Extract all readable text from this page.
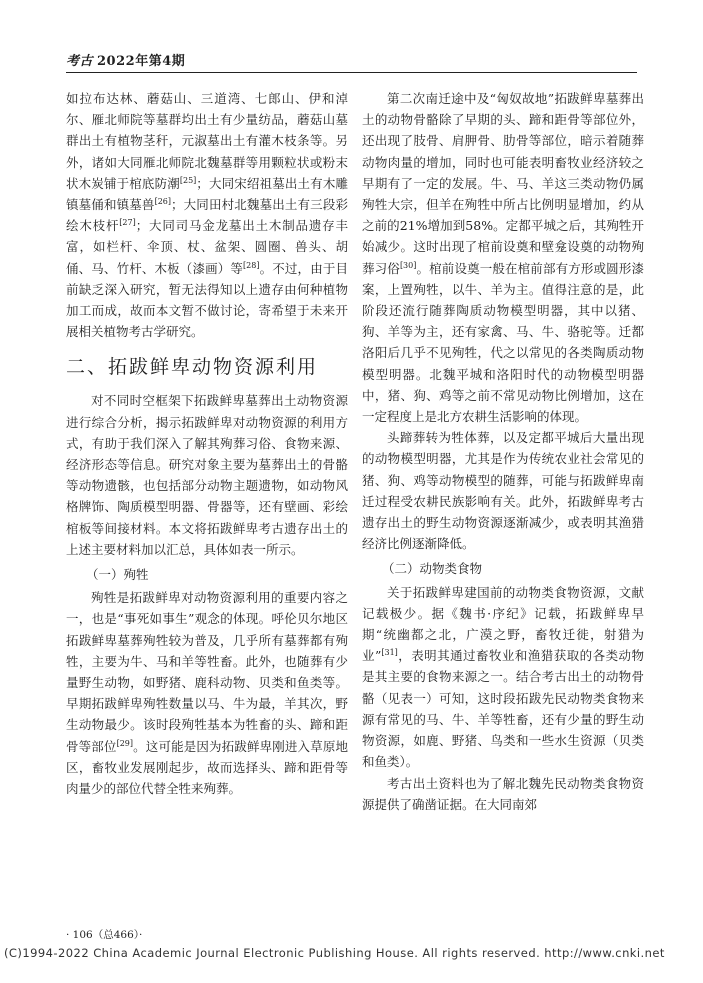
考古 2022年第4期

如拉布达林、蘑菇山、三道湾、七郎山、伊和淖尔、雁北师院等墓群均出土有少量纺品，蘑菇山墓群出土有植物茎秆，元淑墓出土有灌木枝条等。另外，诸如大同雁北师院北魏墓群等用颗粒状或粉末状木炭铺于棺底防潮[25]；大同宋绍祖墓出土有木雕镇墓俑和镇墓兽[26]；大同田村北魏墓出土有三段彩绘木枝杆[27]；大同司马金龙墓出土木制品遗存丰富，如栏杆、伞顶、杖、盆架、圆圈、兽头、胡俑、马、竹杆、木板（漆画）等[28]。不过，由于目前缺乏深入研究，暂无法得知以上遗存由何种植物加工而成，故而本文暂不做讨论，寄希望于未来开展相关植物考古学研究。

二、拓跋鲜卑动物资源利用

对不同时空框架下拓跋鲜卑墓葬出土动物资源进行综合分析，揭示拓跋鲜卑对动物资源的利用方式，有助于我们深入了解其殉葬习俗、食物来源、经济形态等信息。研究对象主要为墓葬出土的骨骼等动物遗骸，也包括部分动物主题遗物，如动物风格牌饰、陶质模型明器、骨器等，还有壁画、彩绘棺板等间接材料。本文将拓跋鲜卑考古遗存出土的上述主要材料加以汇总，具体如表一所示。

（一）殉牲

殉牲是拓跋鲜卑对动物资源利用的重要内容之一，也是“事死如事生”观念的体现。呼伦贝尔地区拓跋鲜卑墓葬殉牲较为普及，几乎所有墓葬都有殉牲，主要为牛、马和羊等牲畜。此外，也随葬有少量野生动物，如野猪、鹿科动物、贝类和鱼类等。早期拓跋鲜卑殉牲数量以马、牛为最，羊其次，野生动物最少。该时段殉牲基本为牲畜的头、蹄和距骨等部位[29]。这可能是因为拓跋鲜卑刚进入草原地区，畜牧业发展刚起步，故而选择头、蹄和距骨等肉量少的部位代替全牲来殉葬。

第二次南迁途中及“匈奴故地”拓跋鲜卑墓葬出土的动物骨骼除了早期的头、蹄和距骨等部位外，还出现了肢骨、肩胛骨、肋骨等部位，暗示着随葬动物肉量的增加，同时也可能表明畜牧业经济较之早期有了一定的发展。牛、马、羊这三类动物仍属殉牲大宗，但羊在殉牲中所占比例明显增加，约从之前的21%增加到58%。定都平城之后，其殉牲开始减少。这时出现了棺前设奠和壁龛设奠的动物殉葬习俗[30]。棺前设奠一般在棺前部有方形或圆形漆案，上置殉牲，以牛、羊为主。值得注意的是，此阶段还流行随葬陶质动物模型明器，其中以猪、狗、羊等为主，还有家禽、马、牛、骆驼等。迁都洛阳后几乎不见殉牲，代之以常见的各类陶质动物模型明器。北魏平城和洛阳时代的动物模型明器中，猪、狗、鸡等之前不常见动物比例增加，这在一定程度上是北方农耕生活影响的体现。

头蹄葬转为牲体葬，以及定都平城后大量出现的动物模型明器，尤其是作为传统农业社会常见的猪、狗、鸡等动物模型的随葬，可能与拓跋鲜卑南迁过程受农耕民族影响有关。此外，拓跋鲜卑考古遗存出土的野生动物资源逐渐减少，或表明其渔猎经济比例逐渐降低。

（二）动物类食物

关于拓跋鲜卑建国前的动物类食物资源，文献记载极少。据《魏书·序纪》记载，拓跋鲜卑早期“统幽都之北，广漠之野，畜牧迁徙，射猎为业”[31]，表明其通过畜牧业和渔猎获取的各类动物是其主要的食物来源之一。结合考古出土的动物骨骼（见表一）可知，这时段拓跋先民动物类食物来源有常见的马、牛、羊等牲畜，还有少量的野生动物资源，如鹿、野猪、鸟类和一些水生资源（贝类和鱼类）。

考古出土资料也为了解北魏先民动物类食物资源提供了确凿证据。在大同南郊

· 106（总466）·
(C)1994-2022 China Academic Journal Electronic Publishing House. All rights reserved. http://www.cnki.net
